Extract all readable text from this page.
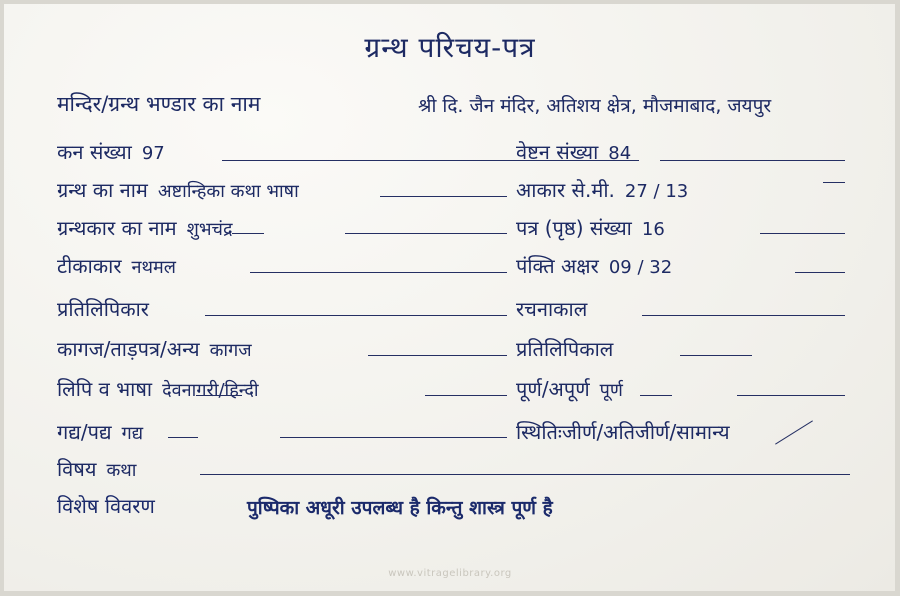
ग्रन्थ परिचय-पत्र
मन्दिर/ग्रन्थ भण्डार का नाम	श्री दि. जैन मंदिर, अतिशय क्षेत्र, मौजमाबाद, जयपुर
कन संख्या 97
ग्रन्थ का नाम अष्टान्हिका कथा भाषा
ग्रन्थकार का नाम शुभचंद्र
टीकाकार नथमल
प्रतिलिपिकार
कागज/ताड़पत्र/अन्य कागज
लिपि व भाषा देवनागरी/हिन्दी
गद्य/पद्य गद्य
विषय कथा
वेष्टन संख्या 84
आकार से.मी. 27 / 13
पत्र (पृष्ठ) संख्या 16
पंक्ति अक्षर 09 / 32
रचनाकाल
प्रतिलिपिकाल
पूर्ण/अपूर्ण पूर्ण
स्थितिःजीर्ण/अतिजीर्ण/सामान्य
विशेष विवरण	पुष्पिका अधूरी उपलब्ध है किन्तु शास्त्र पूर्ण है
www.vitragelibrary.org
